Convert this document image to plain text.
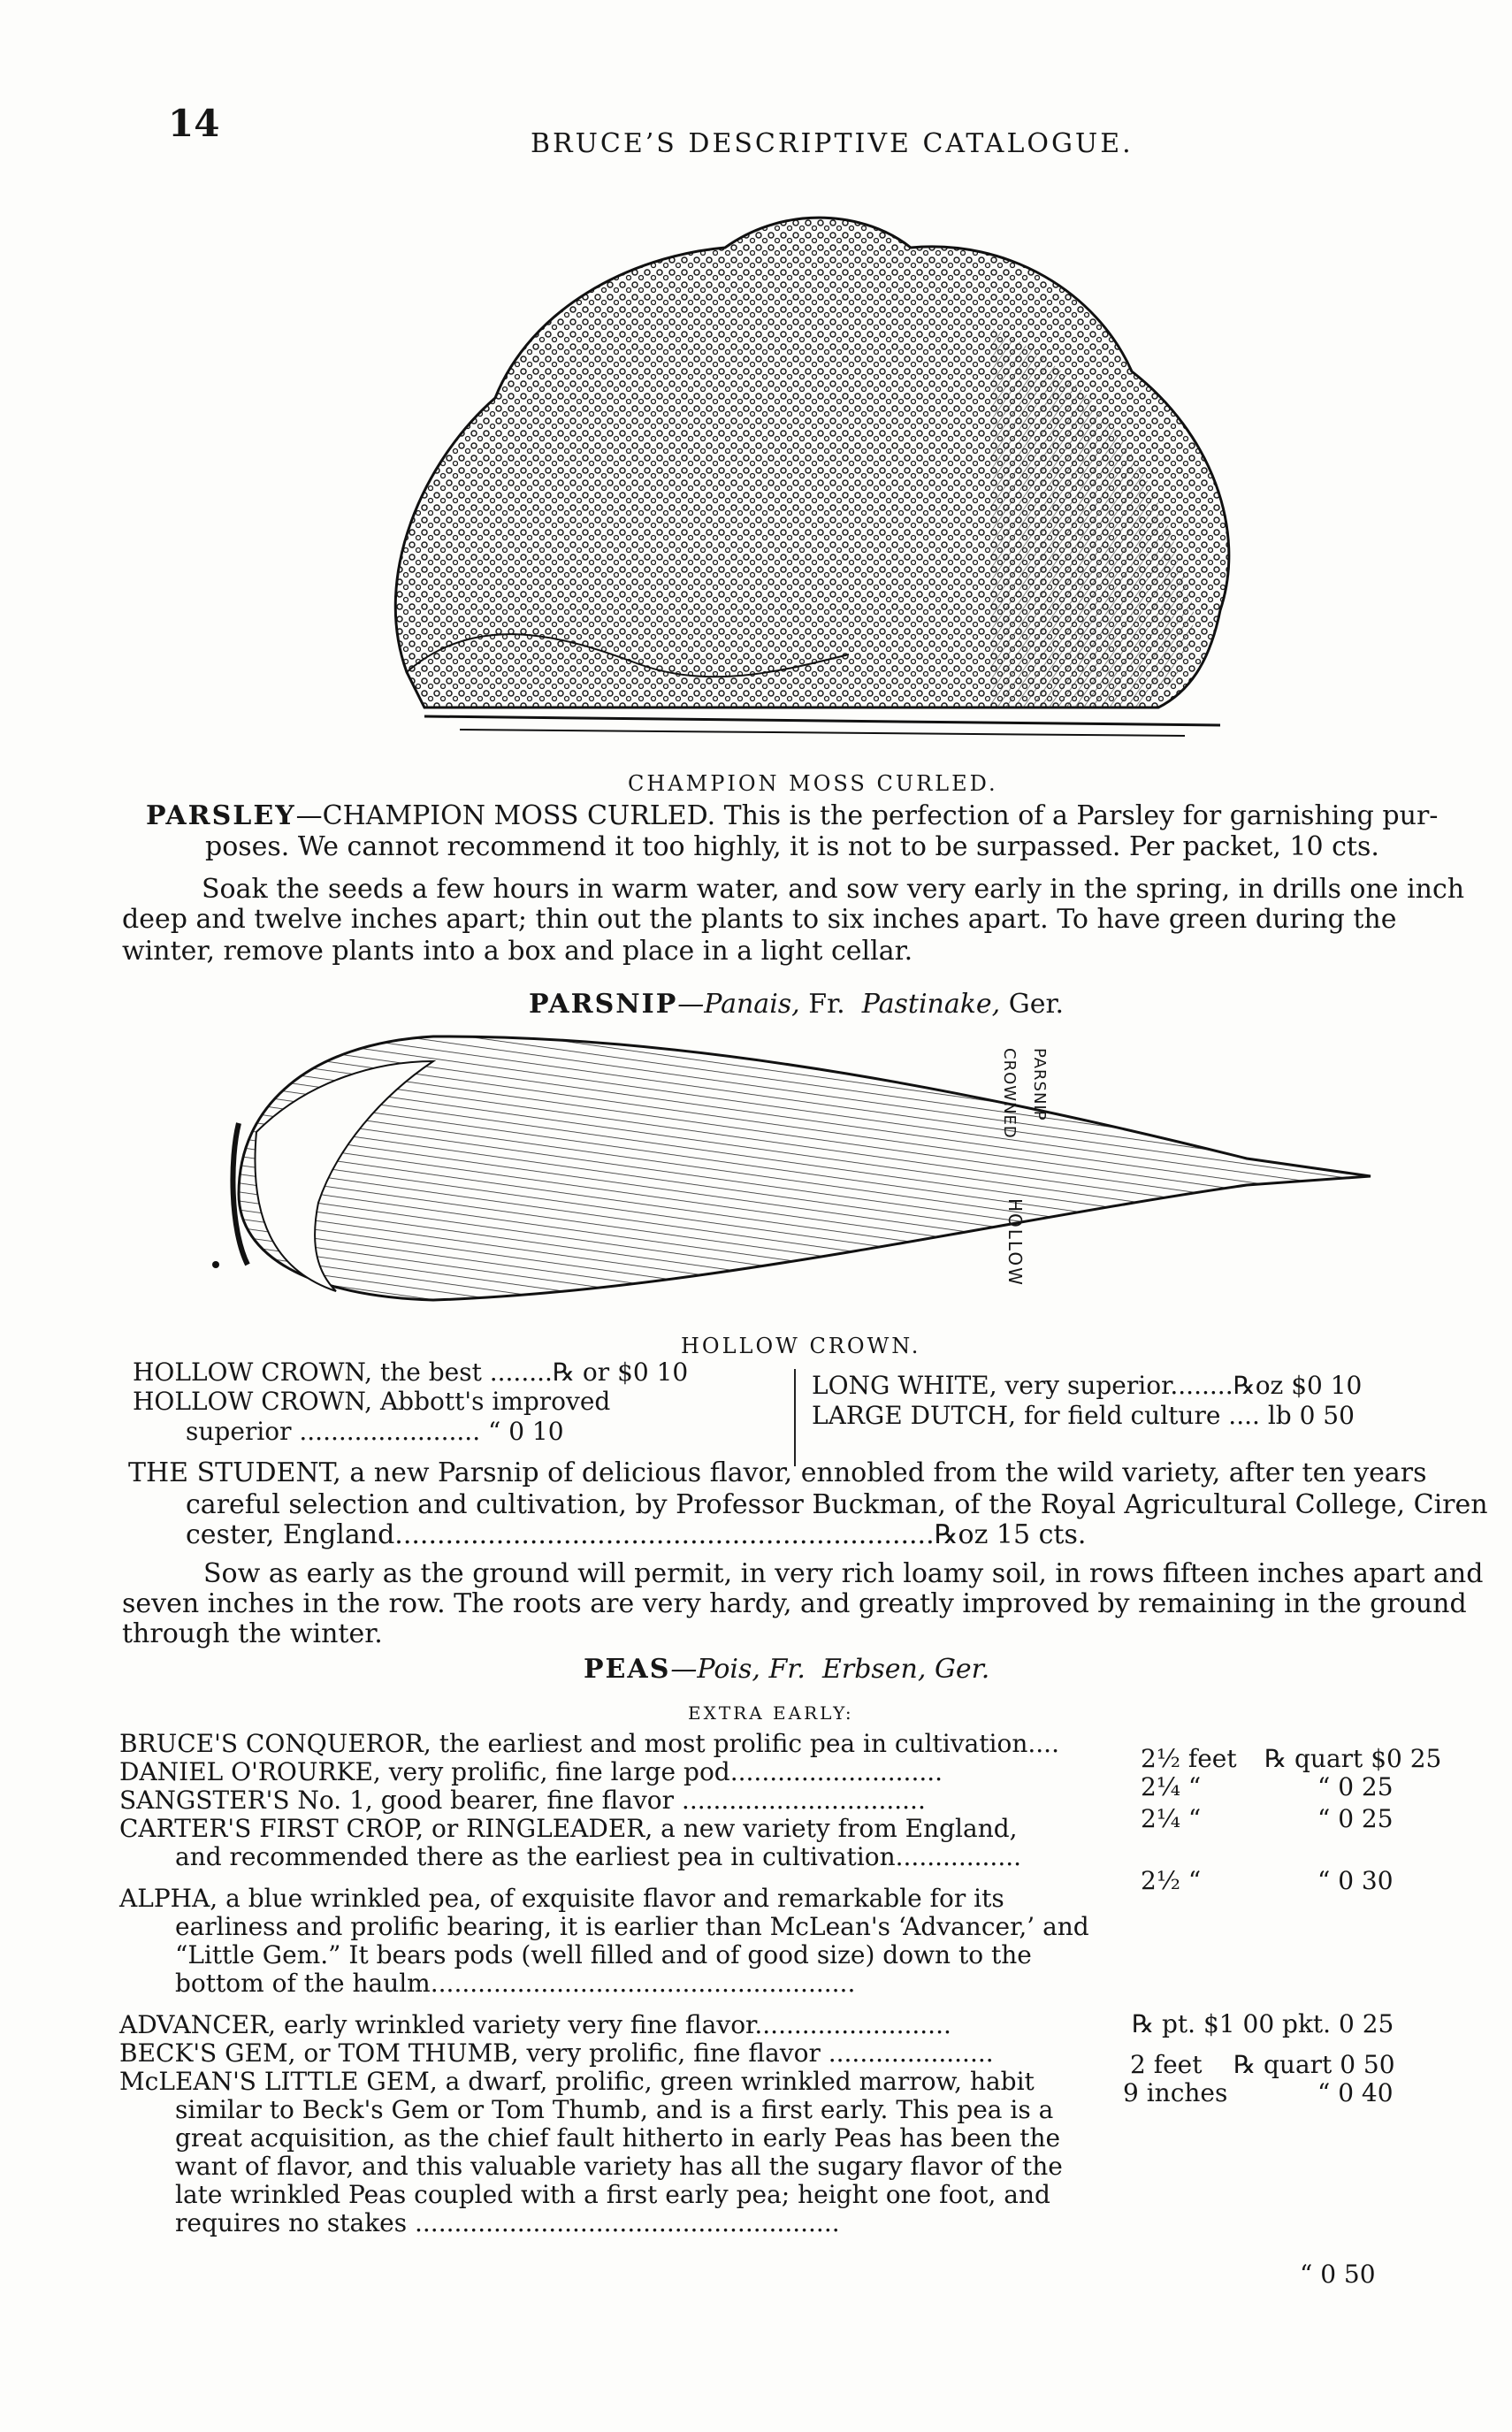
14	BRUCE’S DESCRIPTIVE CATALOGUE.
CHAMPION MOSS CURLED.
PARSLEY—CHAMPION MOSS CURLED. This is the perfection of a Parsley for garnishing pur-
poses. We cannot recommend it too highly, it is not to be surpassed. Per packet, 10 cts.
Soak the seeds a few hours in warm water, and sow very early in the spring, in drills one inch
deep and twelve inches apart; thin out the plants to six inches apart. To have green during the
winter, remove plants into a box and place in a light cellar.
PARSNIP—Panais, Fr. Pastinake, Ger.
CROWNED PARSNIP
HOLLOW
HOLLOW CROWN.
HOLLOW CROWN, the best ........℞ or $0 10
HOLLOW CROWN, Abbott's improved
superior ....................... “ 0 10
LONG WHITE, very superior........℞oz $0 10
LARGE DUTCH, for field culture .... lb 0 50
THE STUDENT, a new Parsnip of delicious flavor, ennobled from the wild variety, after ten years
careful selection and cultivation, by Professor Buckman, of the Royal Agricultural College, Ciren
cester, England................................................................℞oz 15 cts.
Sow as early as the ground will permit, in very rich loamy soil, in rows fifteen inches apart and
seven inches in the row. The roots are very hardy, and greatly improved by remaining in the ground
through the winter.
PEAS—Pois, Fr. Erbsen, Ger.
EXTRA EARLY:
BRUCE'S CONQUEROR, the earliest and most prolific pea in cultivation....
DANIEL O'ROURKE, very prolific, fine large pod...........................
SANGSTER'S No. 1, good bearer, fine flavor ...............................
CARTER'S FIRST CROP, or RINGLEADER, a new variety from England,
and recommended there as the earliest pea in cultivation................
ALPHA, a blue wrinkled pea, of exquisite flavor and remarkable for its
earliness and prolific bearing, it is earlier than McLean's ‘Advancer,’ and
“Little Gem.” It bears pods (well filled and of good size) down to the
bottom of the haulm......................................................
ADVANCER, early wrinkled variety very fine flavor.........................
BECK'S GEM, or TOM THUMB, very prolific, fine flavor .....................
McLEAN'S LITTLE GEM, a dwarf, prolific, green wrinkled marrow, habit
similar to Beck's Gem or Tom Thumb, and is a first early. This pea is a
great acquisition, as the chief fault hitherto in early Peas has been the
want of flavor, and this valuable variety has all the sugary flavor of the
late wrinkled Peas coupled with a first early pea; height one foot, and
requires no stakes ......................................................
2½ feet
2¼ “
2¼ “
2½ “
2 feet
9 inches
℞ quart $0 25
“ 0 25
“ 0 25
“ 0 30
℞ pt. $1 00 pkt. 0 25
℞ quart 0 50
“ 0 40
“ 0 50
